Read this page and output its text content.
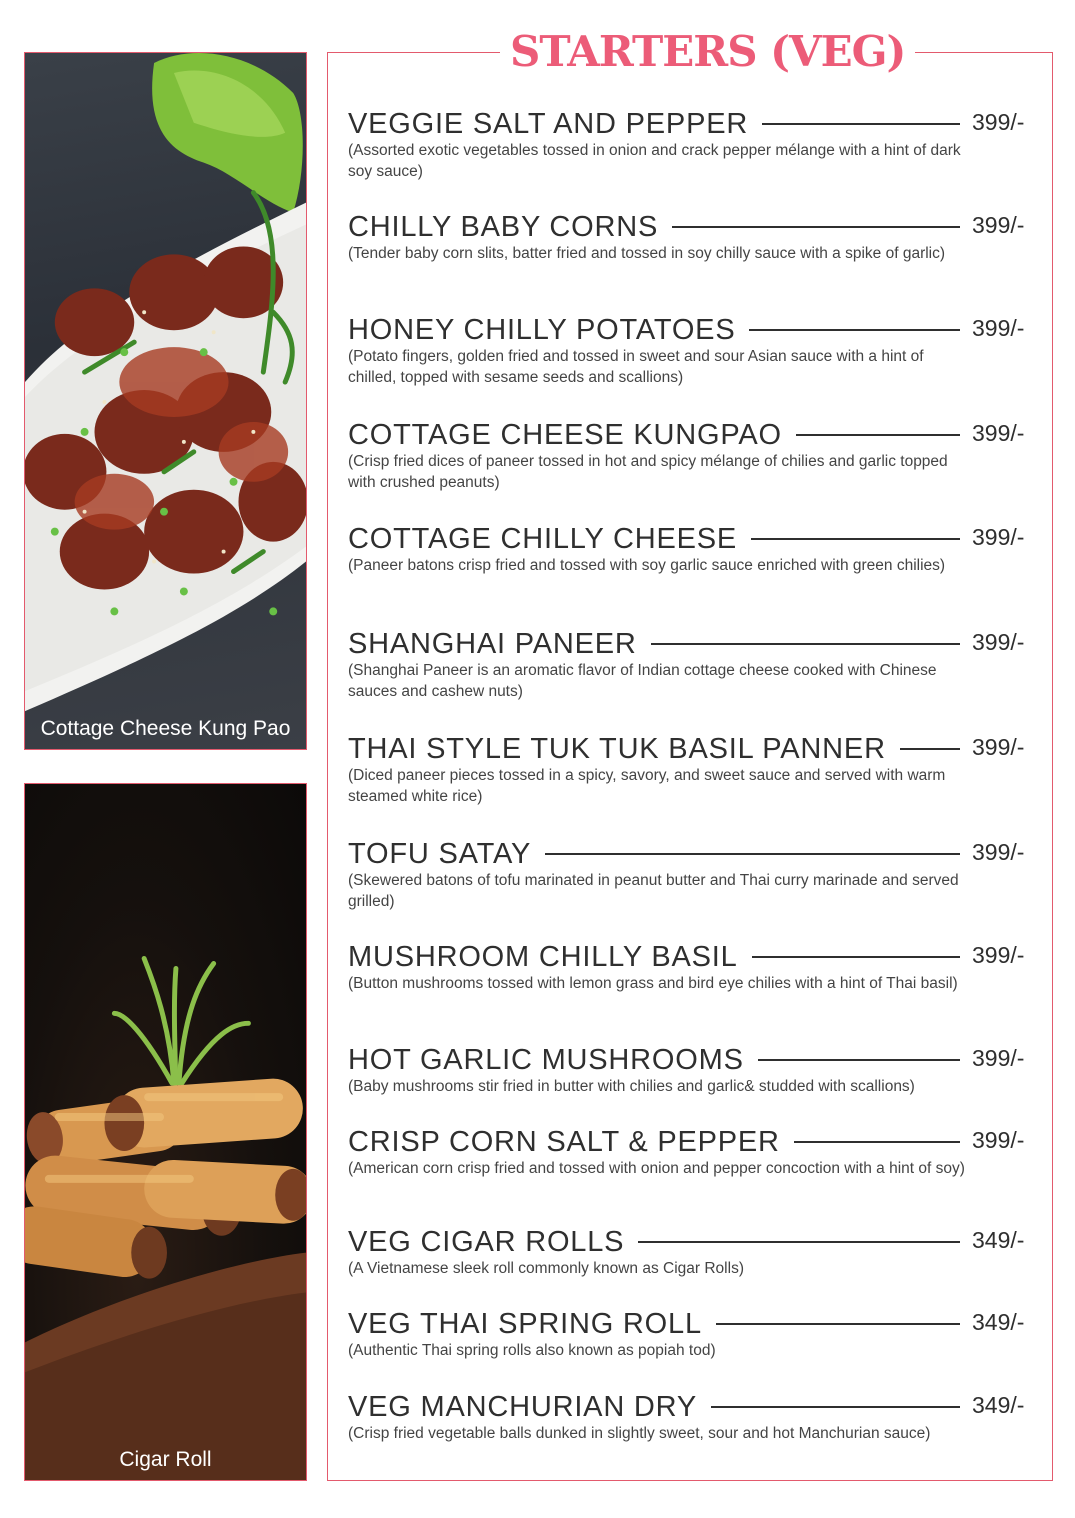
Cottage Cheese Kung Pao
Cigar Roll
STARTERS (VEG)
VEGGIE SALT AND PEPPER	399/-
(Assorted exotic vegetables tossed in onion and crack pepper mélange with a hint of dark soy sauce)
CHILLY BABY CORNS	399/-
(Tender baby corn slits, batter fried and tossed in soy chilly sauce with a spike of garlic)
HONEY CHILLY POTATOES	399/-
(Potato fingers, golden fried and tossed in sweet and sour Asian sauce with a hint of chilled, topped with sesame seeds and scallions)
COTTAGE CHEESE KUNGPAO	399/-
(Crisp fried dices of paneer tossed in hot and spicy mélange of chilies and garlic topped with crushed peanuts)
COTTAGE CHILLY CHEESE	399/-
(Paneer batons crisp fried and tossed with soy garlic sauce enriched with green chilies)
SHANGHAI PANEER	399/-
(Shanghai Paneer is an aromatic flavor of Indian cottage cheese cooked with Chinese sauces and cashew nuts)
THAI STYLE TUK TUK BASIL PANNER	399/-
(Diced paneer pieces tossed in a spicy, savory, and sweet sauce and served with warm steamed white rice)
TOFU SATAY	399/-
(Skewered batons of tofu marinated in peanut butter and Thai curry marinade and served grilled)
MUSHROOM CHILLY BASIL	399/-
(Button mushrooms tossed with lemon grass and bird eye chilies with a hint of Thai basil)
HOT GARLIC MUSHROOMS	399/-
(Baby mushrooms stir fried in butter with chilies and garlic& studded with scallions)
CRISP CORN SALT & PEPPER	399/-
(American corn crisp fried and tossed with onion and pepper concoction with a hint of soy)
VEG CIGAR ROLLS	349/-
(A Vietnamese sleek roll commonly known as Cigar Rolls)
VEG THAI SPRING ROLL	349/-
(Authentic Thai spring rolls also known as popiah tod)
VEG MANCHURIAN DRY	349/-
(Crisp fried vegetable balls dunked in slightly sweet, sour and hot Manchurian sauce)
